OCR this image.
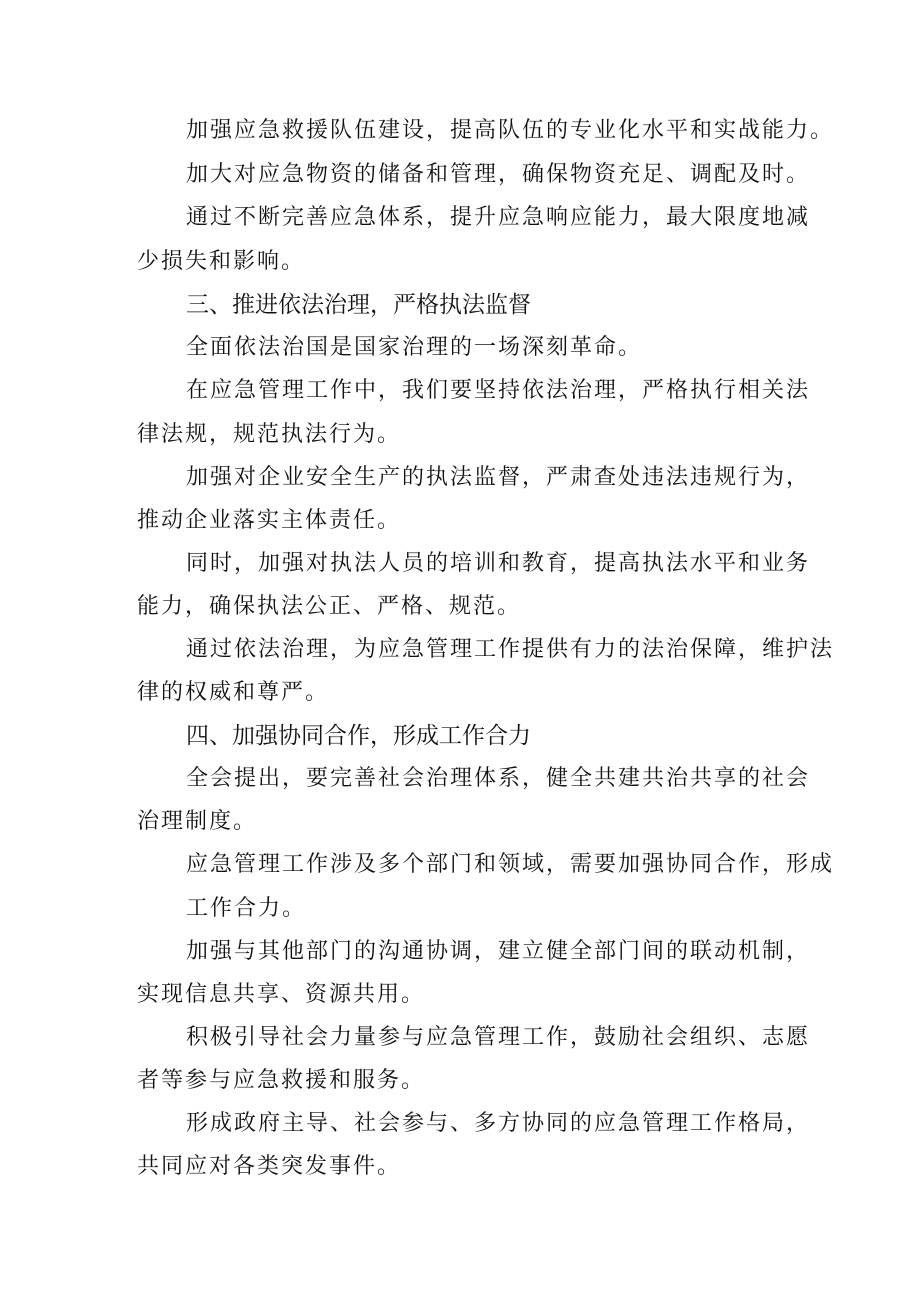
加强应急救援队伍建设，提高队伍的专业化水平和实战能力。
加大对应急物资的储备和管理，确保物资充足、调配及时。
通过不断完善应急体系，提升应急响应能力，最大限度地减
少损失和影响。
三、推进依法治理，严格执法监督
全面依法治国是国家治理的一场深刻革命。
在应急管理工作中，我们要坚持依法治理，严格执行相关法
律法规，规范执法行为。
加强对企业安全生产的执法监督，严肃查处违法违规行为，
推动企业落实主体责任。
同时，加强对执法人员的培训和教育，提高执法水平和业务
能力，确保执法公正、严格、规范。
通过依法治理，为应急管理工作提供有力的法治保障，维护法
律的权威和尊严。
四、加强协同合作，形成工作合力
全会提出，要完善社会治理体系，健全共建共治共享的社会
治理制度。
应急管理工作涉及多个部门和领域，需要加强协同合作，形成
工作合力。
加强与其他部门的沟通协调，建立健全部门间的联动机制，
实现信息共享、资源共用。
积极引导社会力量参与应急管理工作，鼓励社会组织、志愿
者等参与应急救援和服务。
形成政府主导、社会参与、多方协同的应急管理工作格局，
共同应对各类突发事件。
